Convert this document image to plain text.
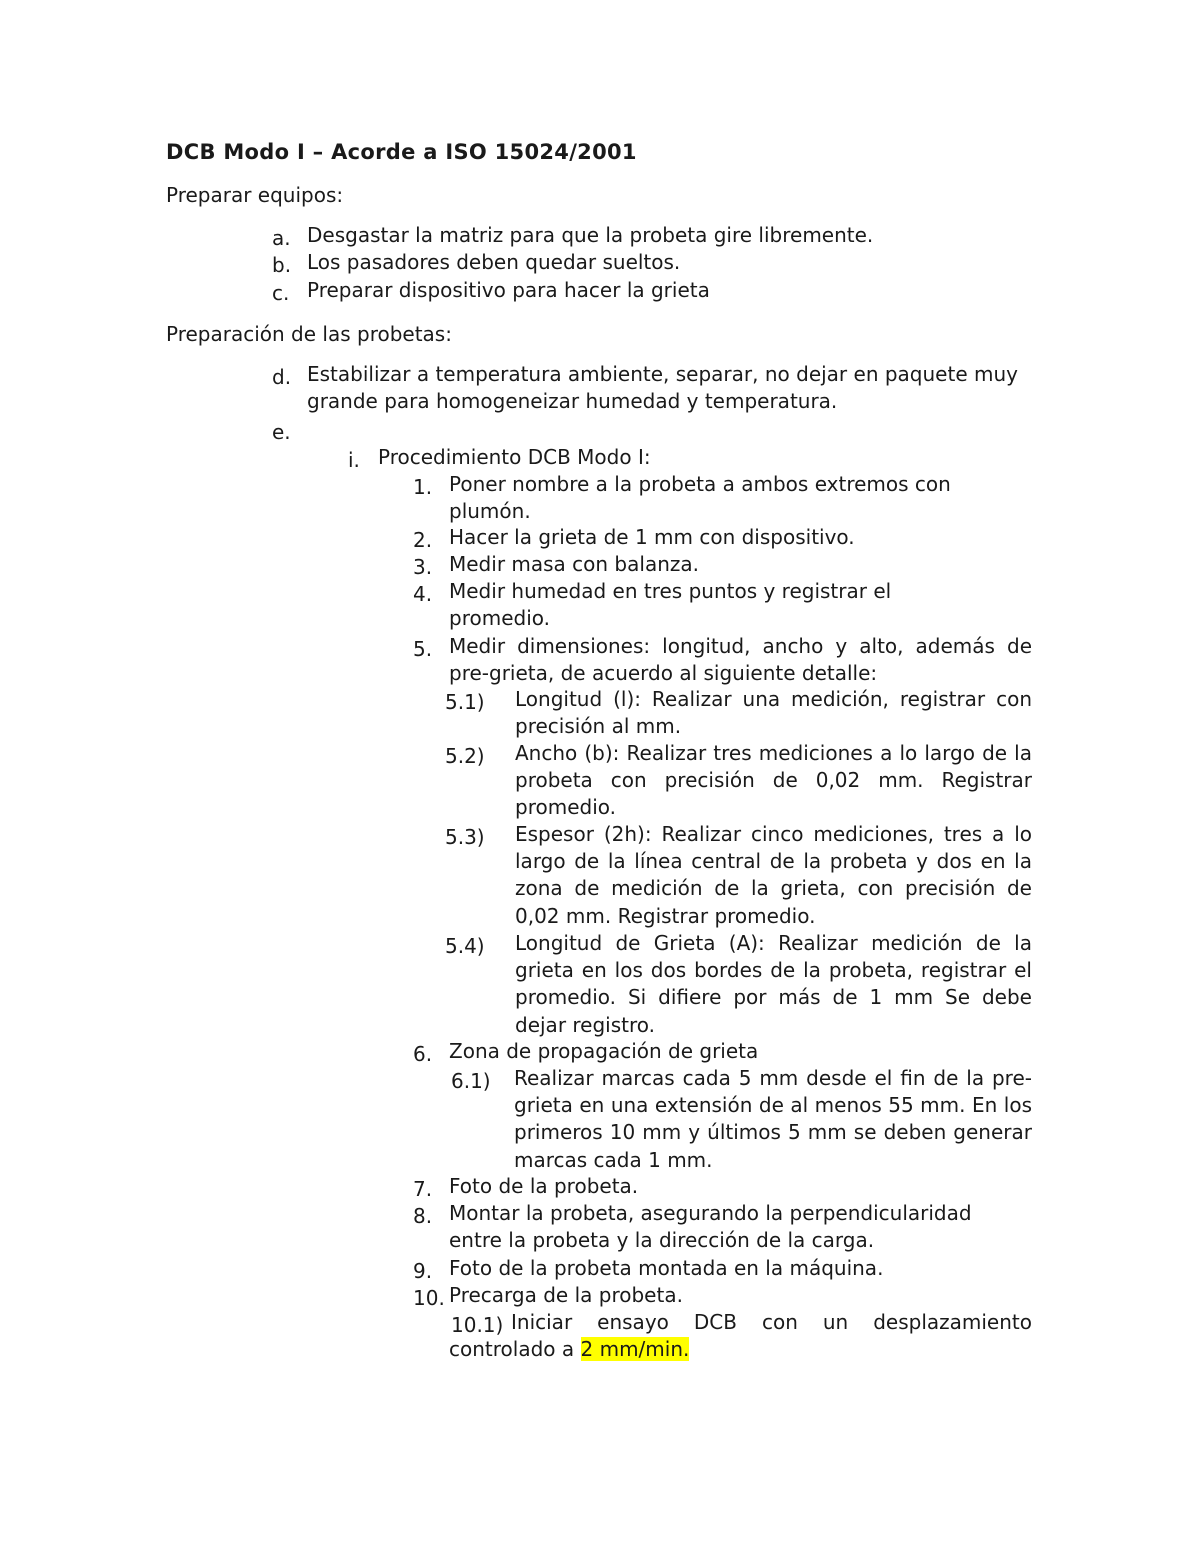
DCB Modo I – Acorde a ISO 15024/2001
Preparar equipos:
a. Desgastar la matriz para que la probeta gire libremente.
b. Los pasadores deben quedar sueltos.
c. Preparar dispositivo para hacer la grieta
Preparación de las probetas:
d. Estabilizar a temperatura ambiente, separar, no dejar en paquete muy grande para homogeneizar humedad y temperatura.
e.
i. Procedimiento DCB Modo I:
1. Poner nombre a la probeta a ambos extremos con plumón.
2. Hacer la grieta de 1 mm con dispositivo.
3. Medir masa con balanza.
4. Medir humedad en tres puntos y registrar el promedio.
5. Medir dimensiones: longitud, ancho y alto, además de pre-grieta, de acuerdo al siguiente detalle:
5.1) Longitud (l): Realizar una medición, registrar con precisión al mm.
5.2) Ancho (b): Realizar tres mediciones a lo largo de la probeta con precisión de 0,02 mm. Registrar promedio.
5.3) Espesor (2h): Realizar cinco mediciones, tres a lo largo de la línea central de la probeta y dos en la zona de medición de la grieta, con precisión de 0,02 mm. Registrar promedio.
5.4) Longitud de Grieta (A): Realizar medición de la grieta en los dos bordes de la probeta, registrar el promedio. Si difiere por más de 1 mm Se debe dejar registro.
6. Zona de propagación de grieta
6.1) Realizar marcas cada 5 mm desde el fin de la pre-grieta en una extensión de al menos 55 mm. En los primeros 10 mm y últimos 5 mm se deben generar marcas cada 1 mm.
7. Foto de la probeta.
8. Montar la probeta, asegurando la perpendicularidad entre la probeta y la dirección de la carga.
9. Foto de la probeta montada en la máquina.
10. Precarga de la probeta.
10.1) Iniciar ensayo DCB con un desplazamiento controlado a 2 mm/min.
